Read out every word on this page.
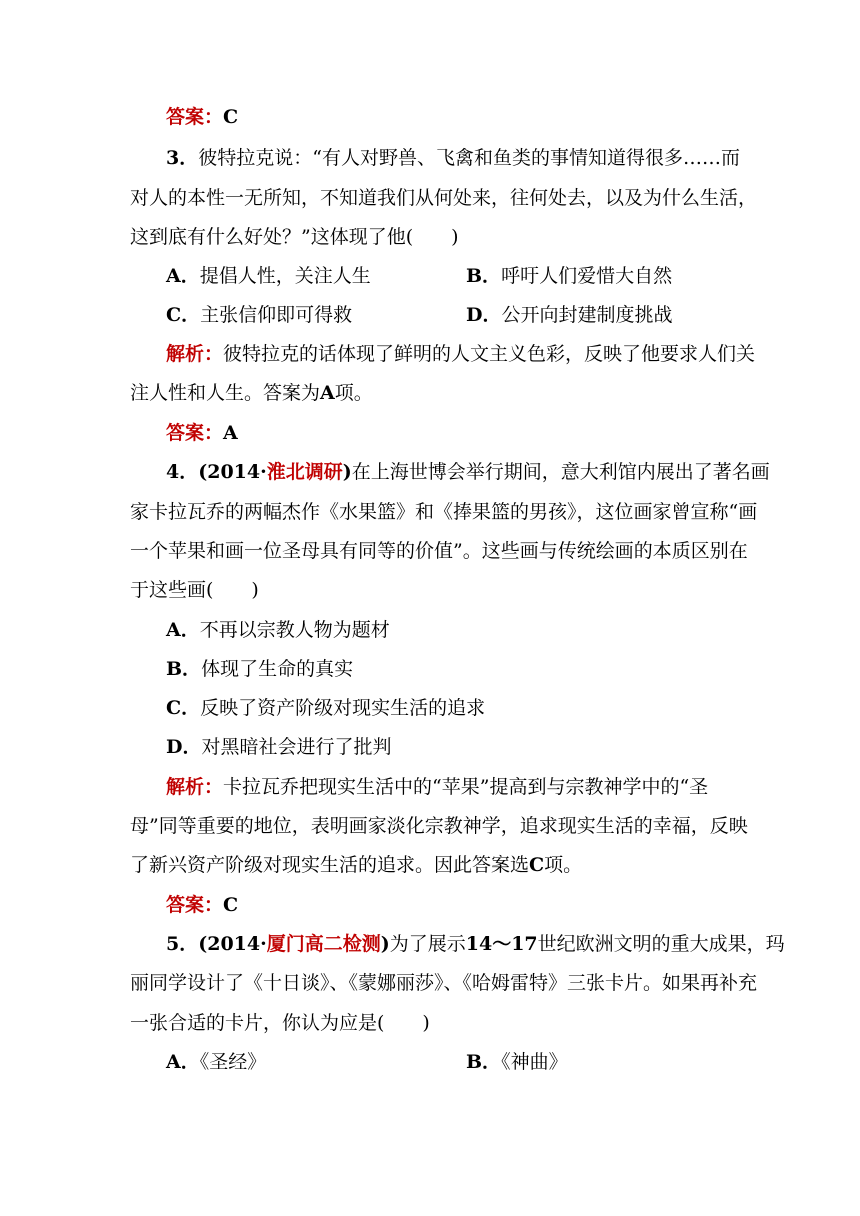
答案：C
3．彼特拉克说：“有人对野兽、飞禽和鱼类的事情知道得很多……而
对人的本性一无所知，不知道我们从何处来，往何处去，以及为什么生活，
这到底有什么好处？”这体现了他(　　)
A．提倡人性，关注人生	B．呼吁人们爱惜大自然
C．主张信仰即可得救	D．公开向封建制度挑战
解析：彼特拉克的话体现了鲜明的人文主义色彩，反映了他要求人们关
注人性和人生。答案为A项。
答案：A
4．(2014·淮北调研)在上海世博会举行期间，意大利馆内展出了著名画
家卡拉瓦乔的两幅杰作《水果篮》和《捧果篮的男孩》，这位画家曾宣称“画
一个苹果和画一位圣母具有同等的价值”。这些画与传统绘画的本质区别在
于这些画(　　)
A．不再以宗教人物为题材
B．体现了生命的真实
C．反映了资产阶级对现实生活的追求
D．对黑暗社会进行了批判
解析：卡拉瓦乔把现实生活中的“苹果”提高到与宗教神学中的“圣
母”同等重要的地位，表明画家淡化宗教神学，追求现实生活的幸福，反映
了新兴资产阶级对现实生活的追求。因此答案选C项。
答案：C
5．(2014·厦门高二检测)为了展示14～17世纪欧洲文明的重大成果，玛
丽同学设计了《十日谈》、《蒙娜丽莎》、《哈姆雷特》三张卡片。如果再补充
一张合适的卡片，你认为应是(　　)
A．《圣经》	B．《神曲》
